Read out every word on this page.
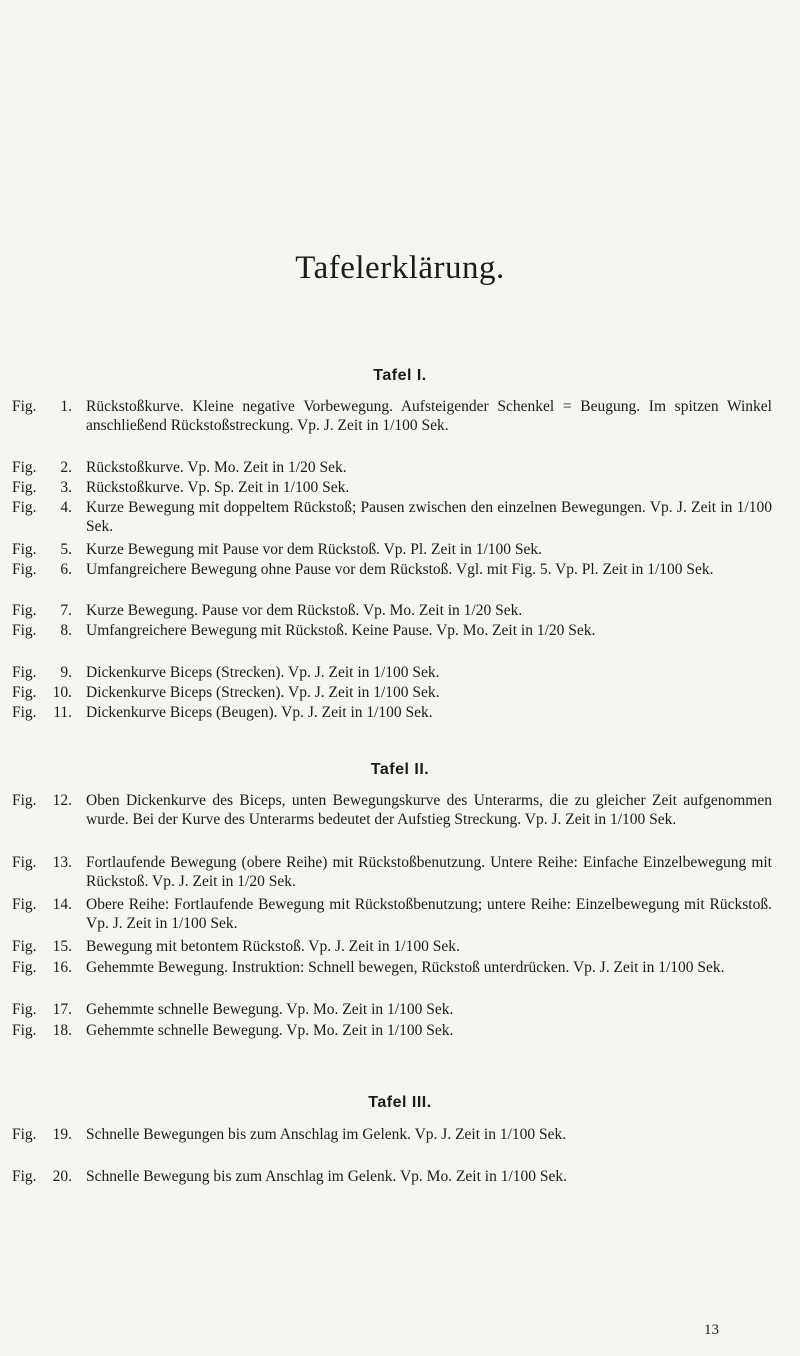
Tafelerklärung.
Tafel I.
Fig.	1. Rückstoßkurve. Kleine negative Vorbewegung. Aufsteigender Schenkel = Beugung. Im spitzen Winkel anschließend Rückstoßstreckung. Vp. J. Zeit in 1/100 Sek.
Fig.	2. Rückstoßkurve. Vp. Mo. Zeit in 1/20 Sek.
Fig.	3. Rückstoßkurve. Vp. Sp. Zeit in 1/100 Sek.
Fig.	4. Kurze Bewegung mit doppeltem Rückstoß; Pausen zwischen den einzelnen Bewegungen. Vp. J. Zeit in 1/100 Sek.
Fig.	5. Kurze Bewegung mit Pause vor dem Rückstoß. Vp. Pl. Zeit in 1/100 Sek.
Fig.	6. Umfangreichere Bewegung ohne Pause vor dem Rückstoß. Vgl. mit Fig. 5. Vp. Pl. Zeit in 1/100 Sek.
Fig.	7. Kurze Bewegung. Pause vor dem Rückstoß. Vp. Mo. Zeit in 1/20 Sek.
Fig.	8. Umfangreichere Bewegung mit Rückstoß. Keine Pause. Vp. Mo. Zeit in 1/20 Sek.
Fig.	9. Dickenkurve Biceps (Strecken). Vp. J. Zeit in 1/100 Sek.
Fig.	10. Dickenkurve Biceps (Strecken). Vp. J. Zeit in 1/100 Sek.
Fig.	11. Dickenkurve Biceps (Beugen). Vp. J. Zeit in 1/100 Sek.
Tafel II.
Fig.	12. Oben Dickenkurve des Biceps, unten Bewegungskurve des Unterarms, die zu gleicher Zeit aufgenommen wurde. Bei der Kurve des Unterarms bedeutet der Aufstieg Streckung. Vp. J. Zeit in 1/100 Sek.
Fig.	13. Fortlaufende Bewegung (obere Reihe) mit Rückstoßbenutzung. Untere Reihe: Einfache Einzelbewegung mit Rückstoß. Vp. J. Zeit in 1/20 Sek.
Fig.	14. Obere Reihe: Fortlaufende Bewegung mit Rückstoßbenutzung; untere Reihe: Einzelbewegung mit Rückstoß. Vp. J. Zeit in 1/100 Sek.
Fig.	15. Bewegung mit betontem Rückstoß. Vp. J. Zeit in 1/100 Sek.
Fig.	16. Gehemmte Bewegung. Instruktion: Schnell bewegen, Rückstoß unterdrücken. Vp. J. Zeit in 1/100 Sek.
Fig.	17. Gehemmte schnelle Bewegung. Vp. Mo. Zeit in 1/100 Sek.
Fig.	18. Gehemmte schnelle Bewegung. Vp. Mo. Zeit in 1/100 Sek.
Tafel III.
Fig.	19. Schnelle Bewegungen bis zum Anschlag im Gelenk. Vp. J. Zeit in 1/100 Sek.
Fig.	20. Schnelle Bewegung bis zum Anschlag im Gelenk. Vp. Mo. Zeit in 1/100 Sek.
13
